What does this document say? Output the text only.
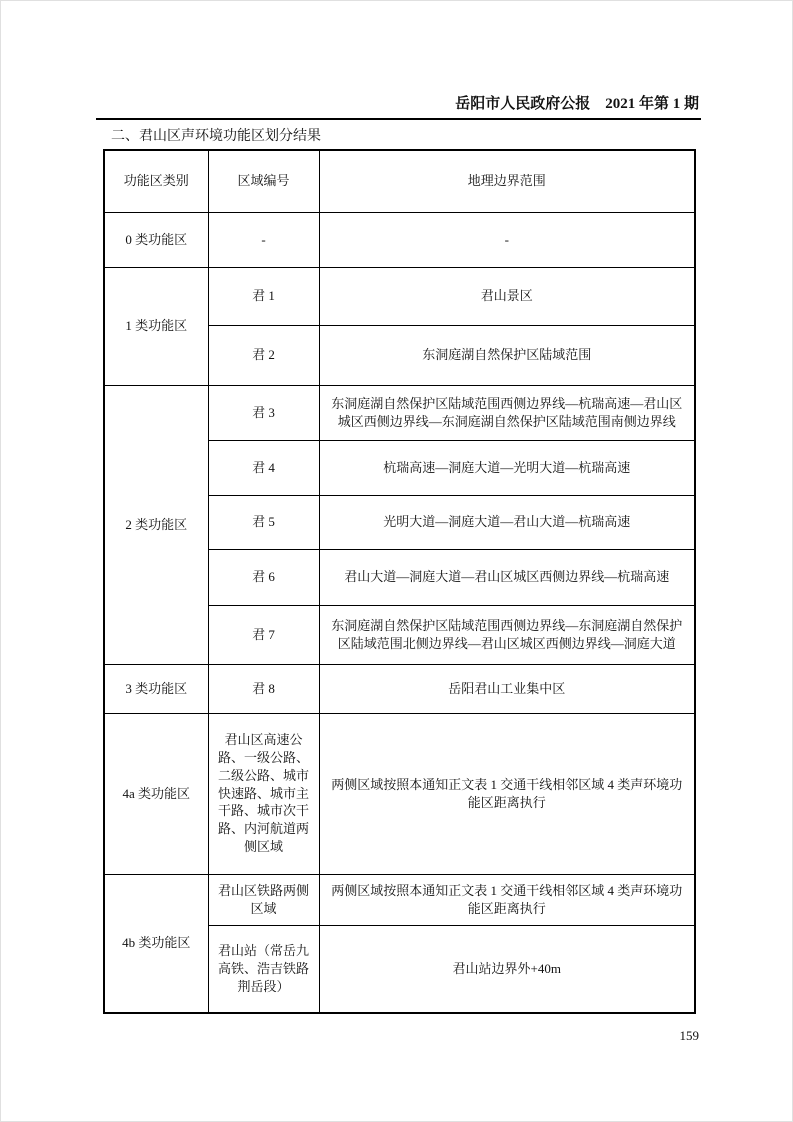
岳阳市人民政府公报　2021 年第 1 期
二、君山区声环境功能区划分结果
功能区类别	区域编号	地理边界范围
0 类功能区	-	-
1 类功能区	君 1	君山景区
	君 2	东洞庭湖自然保护区陆域范围
2 类功能区	君 3	东洞庭湖自然保护区陆域范围西侧边界线—杭瑞高速—君山区城区西侧边界线—东洞庭湖自然保护区陆域范围南侧边界线
	君 4	杭瑞高速—洞庭大道—光明大道—杭瑞高速
	君 5	光明大道—洞庭大道—君山大道—杭瑞高速
	君 6	君山大道—洞庭大道—君山区城区西侧边界线—杭瑞高速
	君 7	东洞庭湖自然保护区陆域范围西侧边界线—东洞庭湖自然保护区陆域范围北侧边界线—君山区城区西侧边界线—洞庭大道
3 类功能区	君 8	岳阳君山工业集中区
4a 类功能区	君山区高速公路、一级公路、二级公路、城市快速路、城市主干路、城市次干路、内河航道两侧区域	两侧区域按照本通知正文表 1 交通干线相邻区域 4 类声环境功能区距离执行
4b 类功能区	君山区铁路两侧区域	两侧区域按照本通知正文表 1 交通干线相邻区域 4 类声环境功能区距离执行
	君山站（常岳九高铁、浩吉铁路荆岳段）	君山站边界外+40m
159
